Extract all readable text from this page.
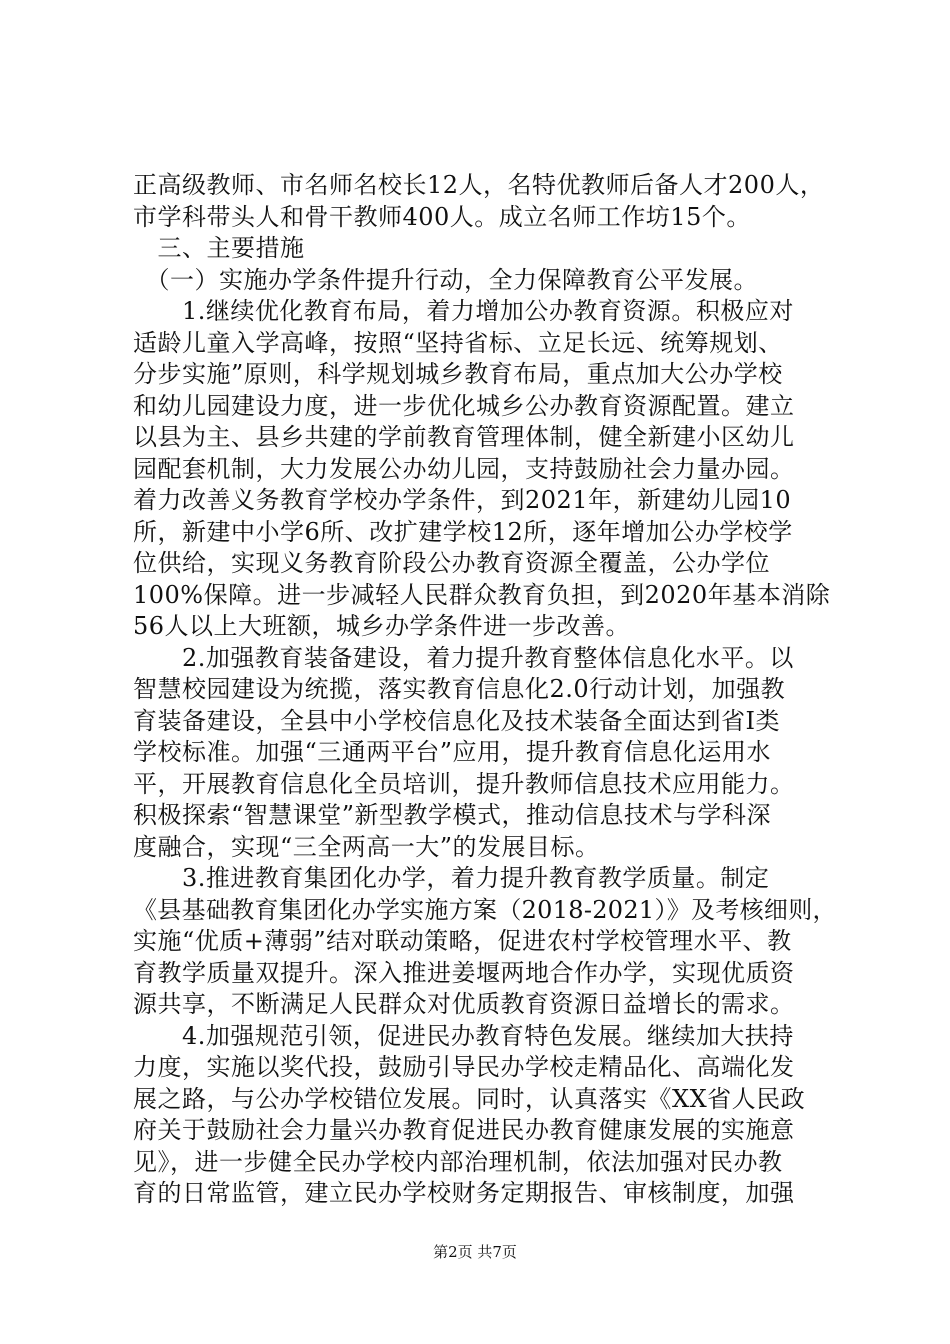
正高级教师、市名师名校长12人，名特优教师后备人才200人，
市学科带头人和骨干教师400人。成立名师工作坊15个。
　三、主要措施
　（一）实施办学条件提升行动，全力保障教育公平发展。
　　1.继续优化教育布局，着力增加公办教育资源。积极应对
适龄儿童入学高峰，按照“坚持省标、立足长远、统筹规划、
分步实施”原则，科学规划城乡教育布局，重点加大公办学校
和幼儿园建设力度，进一步优化城乡公办教育资源配置。建立
以县为主、县乡共建的学前教育管理体制，健全新建小区幼儿
园配套机制，大力发展公办幼儿园，支持鼓励社会力量办园。
着力改善义务教育学校办学条件，到2021年，新建幼儿园10
所，新建中小学6所、改扩建学校12所，逐年增加公办学校学
位供给，实现义务教育阶段公办教育资源全覆盖，公办学位
100%保障。进一步减轻人民群众教育负担，到2020年基本消除
56人以上大班额，城乡办学条件进一步改善。
　　2.加强教育装备建设，着力提升教育整体信息化水平。以
智慧校园建设为统揽，落实教育信息化2.0行动计划，加强教
育装备建设，全县中小学校信息化及技术装备全面达到省Ⅰ类
学校标准。加强“三通两平台”应用，提升教育信息化运用水
平，开展教育信息化全员培训，提升教师信息技术应用能力。
积极探索“智慧课堂”新型教学模式，推动信息技术与学科深
度融合，实现“三全两高一大”的发展目标。
　　3.推进教育集团化办学，着力提升教育教学质量。制定
《县基础教育集团化办学实施方案（2018-2021）》及考核细则，
实施“优质+薄弱”结对联动策略，促进农村学校管理水平、教
育教学质量双提升。深入推进姜堰两地合作办学，实现优质资
源共享，不断满足人民群众对优质教育资源日益增长的需求。
　　4.加强规范引领，促进民办教育特色发展。继续加大扶持
力度，实施以奖代投，鼓励引导民办学校走精品化、高端化发
展之路，与公办学校错位发展。同时，认真落实《XX省人民政
府关于鼓励社会力量兴办教育促进民办教育健康发展的实施意
见》，进一步健全民办学校内部治理机制，依法加强对民办教
育的日常监管，建立民办学校财务定期报告、审核制度，加强
第2页 共7页
